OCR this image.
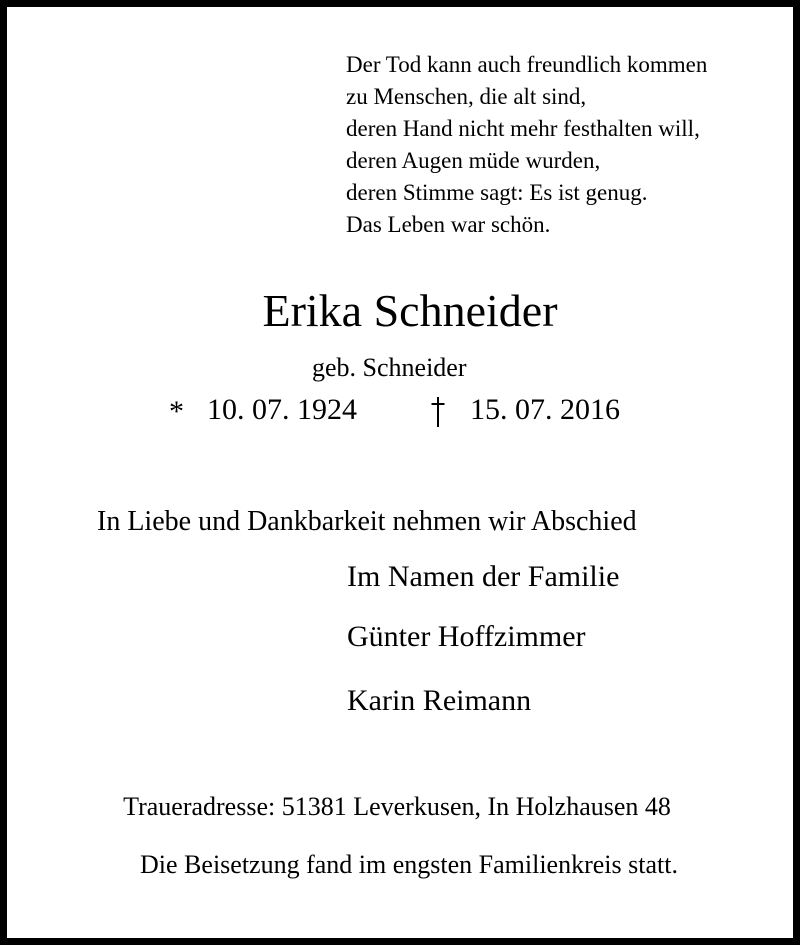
Der Tod kann auch freundlich kommen
zu Menschen, die alt sind,
deren Hand nicht mehr festhalten will,
deren Augen müde wurden,
deren Stimme sagt: Es ist genug.
Das Leben war schön.
Erika Schneider
geb. Schneider
* 10. 07. 1924	15. 07. 2016
In Liebe und Dankbarkeit nehmen wir Abschied
Im Namen der Familie
Günter Hoffzimmer
Karin Reimann
Traueradresse: 51381 Leverkusen, In Holzhausen 48
Die Beisetzung fand im engsten Familienkreis statt.
